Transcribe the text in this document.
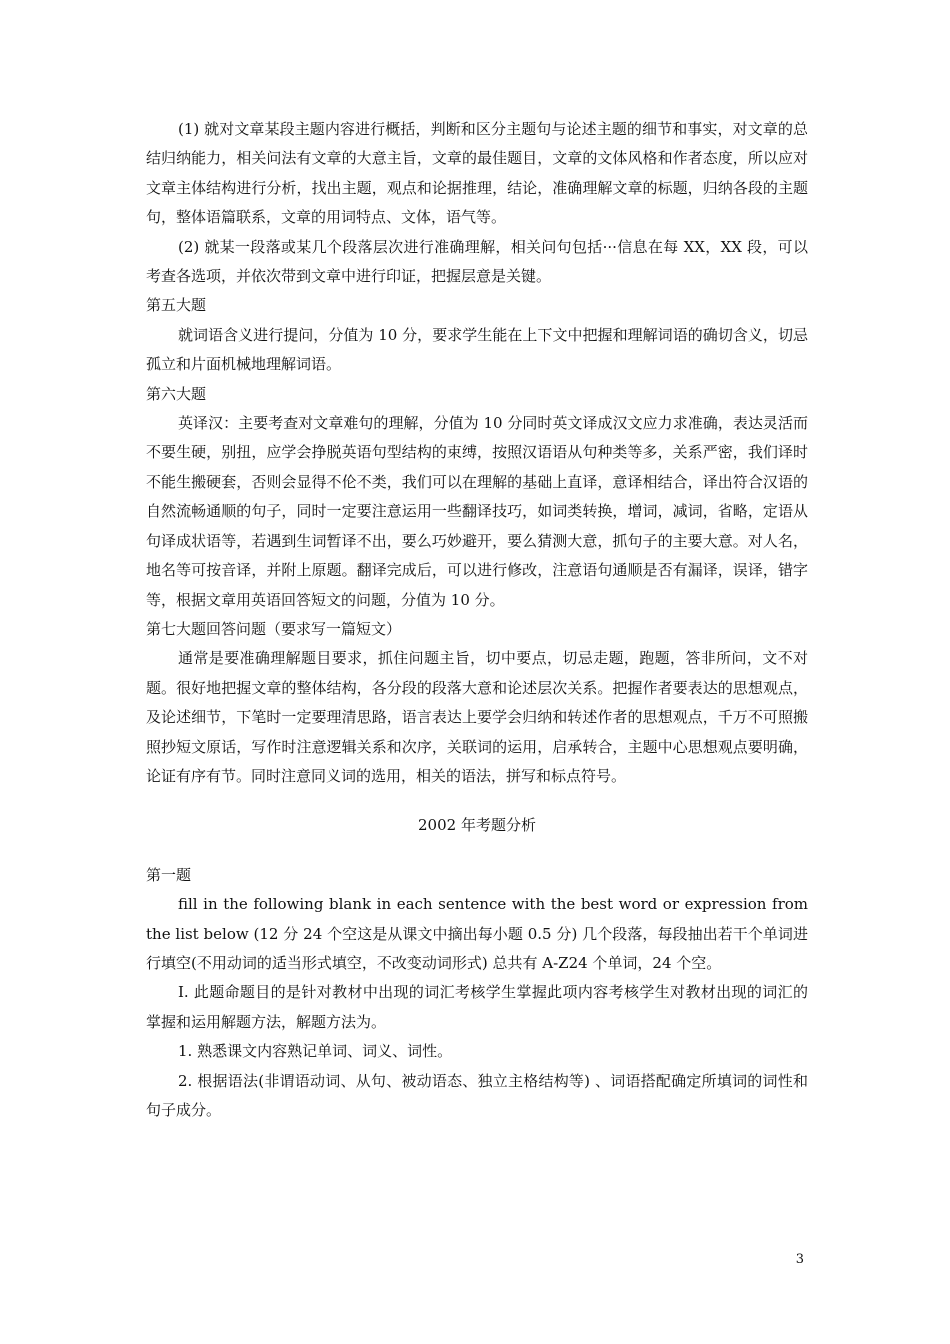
(1) 就对文章某段主题内容进行概括，判断和区分主题句与论述主题的细节和事实，对文章的总结归纳能力，相关问法有文章的大意主旨，文章的最佳题目，文章的文体风格和作者态度，所以应对文章主体结构进行分析，找出主题，观点和论据推理，结论，准确理解文章的标题，归纳各段的主题句，整体语篇联系，文章的用词特点、文体，语气等。

(2) 就某一段落或某几个段落层次进行准确理解，相关问句包括···信息在每 XX，XX 段，可以考查各选项，并依次带到文章中进行印证，把握层意是关键。

第五大题

就词语含义进行提问，分值为 10 分，要求学生能在上下文中把握和理解词语的确切含义，切忌孤立和片面机械地理解词语。

第六大题

英译汉：主要考查对文章难句的理解，分值为 10 分同时英文译成汉文应力求准确，表达灵活而不要生硬，别扭，应学会挣脱英语句型结构的束缚，按照汉语语从句种类等多，关系严密，我们译时不能生搬硬套，否则会显得不伦不类，我们可以在理解的基础上直译，意译相结合，译出符合汉语的自然流畅通顺的句子，同时一定要注意运用一些翻译技巧，如词类转换，增词，减词，省略，定语从句译成状语等，若遇到生词暂译不出，要么巧妙避开，要么猜测大意，抓句子的主要大意。对人名，地名等可按音译，并附上原题。翻译完成后，可以进行修改，注意语句通顺是否有漏译，误译，错字等，根据文章用英语回答短文的问题，分值为 10 分。

第七大题回答问题（要求写一篇短文）

通常是要准确理解题目要求，抓住问题主旨，切中要点，切忌走题，跑题，答非所问，文不对题。很好地把握文章的整体结构，各分段的段落大意和论述层次关系。把握作者要表达的思想观点，及论述细节，下笔时一定要理清思路，语言表达上要学会归纳和转述作者的思想观点，千万不可照搬照抄短文原话，写作时注意逻辑关系和次序，关联词的运用，启承转合，主题中心思想观点要明确，论证有序有节。同时注意同义词的选用，相关的语法，拼写和标点符号。

2002 年考题分析

第一题

fill in the following blank in each sentence with the best word or expression from the list below (12 分 24 个空这是从课文中摘出每小题 0.5 分) 几个段落，每段抽出若干个单词进行填空(不用动词的适当形式填空，不改变动词形式) 总共有 A-Z24 个单词，24 个空。

I. 此题命题目的是针对教材中出现的词汇考核学生掌握此项内容考核学生对教材出现的词汇的掌握和运用解题方法，解题方法为。

1. 熟悉课文内容熟记单词、词义、词性。

2. 根据语法(非谓语动词、从句、被动语态、独立主格结构等) 、词语搭配确定所填词的词性和句子成分。

3
